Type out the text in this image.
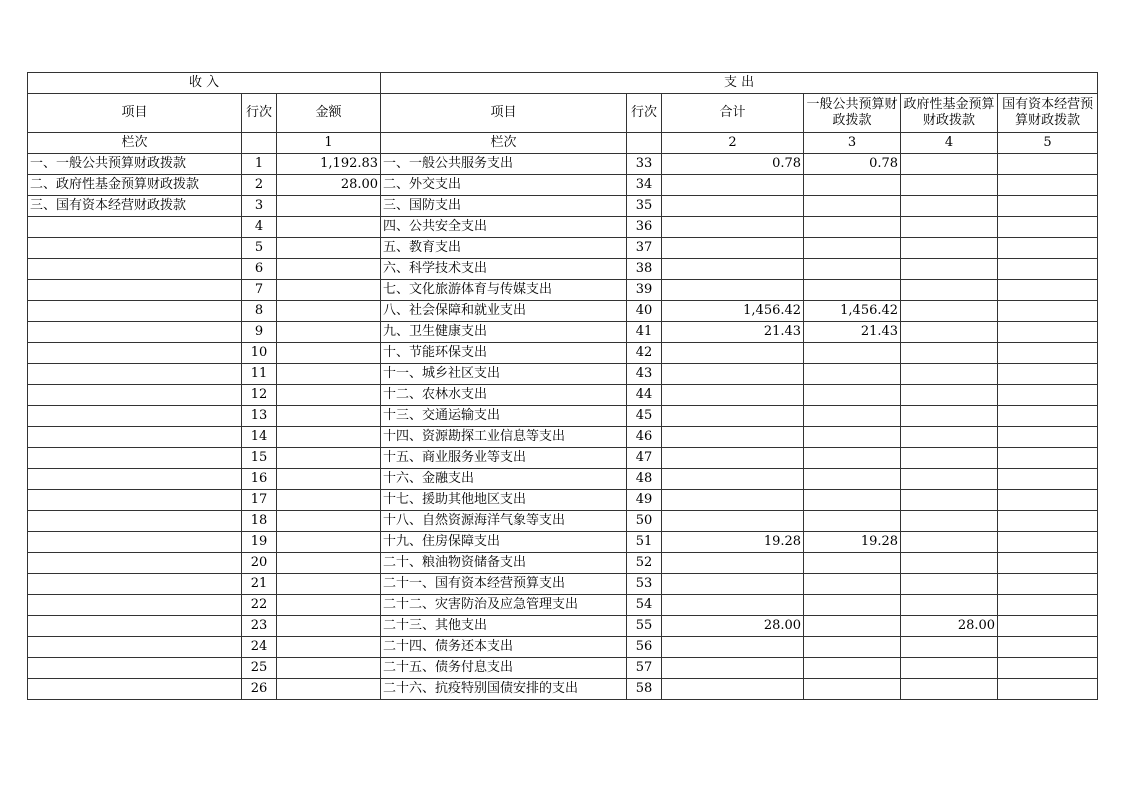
收 入			支 出					
项目	行次	金额	项目	行次	合计	一般公共预算财政拨款	政府性基金预算财政拨款	国有资本经营预算财政拨款
栏次		1	栏次		2	3	4	5
一、一般公共预算财政拨款	1	1,192.83	一、一般公共服务支出	33	0.78	0.78		
二、政府性基金预算财政拨款	2	28.00	二、外交支出	34				
三、国有资本经营财政拨款	3		三、国防支出	35				
	4		四、公共安全支出	36				
	5		五、教育支出	37				
	6		六、科学技术支出	38				
	7		七、文化旅游体育与传媒支出	39				
	8		八、社会保障和就业支出	40	1,456.42	1,456.42		
	9		九、卫生健康支出	41	21.43	21.43		
	10		十、节能环保支出	42				
	11		十一、城乡社区支出	43				
	12		十二、农林水支出	44				
	13		十三、交通运输支出	45				
	14		十四、资源勘探工业信息等支出	46				
	15		十五、商业服务业等支出	47				
	16		十六、金融支出	48				
	17		十七、援助其他地区支出	49				
	18		十八、自然资源海洋气象等支出	50				
	19		十九、住房保障支出	51	19.28	19.28		
	20		二十、粮油物资储备支出	52				
	21		二十一、国有资本经营预算支出	53				
	22		二十二、灾害防治及应急管理支出	54				
	23		二十三、其他支出	55	28.00		28.00	
	24		二十四、债务还本支出	56				
	25		二十五、债务付息支出	57				
	26		二十六、抗疫特别国债安排的支出	58				
